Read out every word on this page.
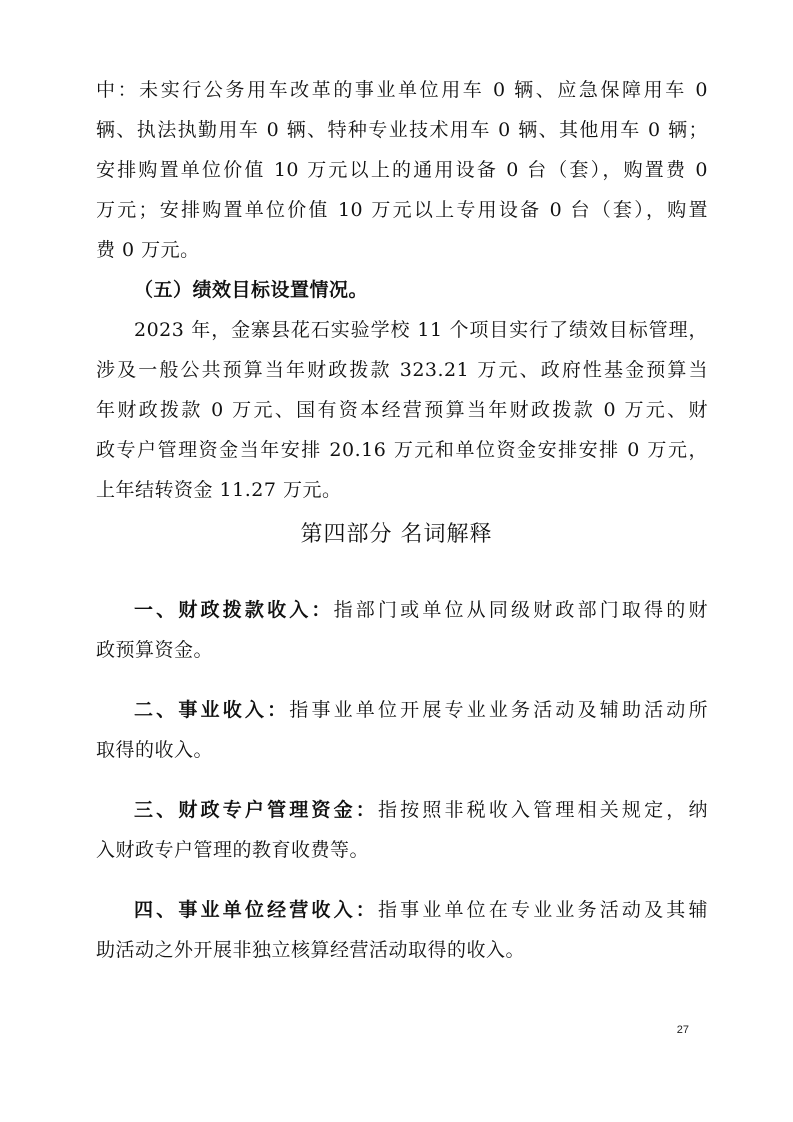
中：未实行公务用车改革的事业单位用车 0 辆、应急保障用车 0
辆、执法执勤用车 0 辆、特种专业技术用车 0 辆、其他用车 0 辆；
安排购置单位价值 10 万元以上的通用设备 0 台（套），购置费 0
万元；安排购置单位价值 10 万元以上专用设备 0 台（套），购置
费 0 万元。
（五）绩效目标设置情况。
2023 年，金寨县花石实验学校 11 个项目实行了绩效目标管理，
涉及一般公共预算当年财政拨款 323.21 万元、政府性基金预算当
年财政拨款 0 万元、国有资本经营预算当年财政拨款 0 万元、财
政专户管理资金当年安排 20.16 万元和单位资金安排安排 0 万元，
上年结转资金 11.27 万元。
第四部分 名词解释
一、财政拨款收入：指部门或单位从同级财政部门取得的财
政预算资金。
二、事业收入：指事业单位开展专业业务活动及辅助活动所
取得的收入。
三、财政专户管理资金：指按照非税收入管理相关规定，纳
入财政专户管理的教育收费等。
四、事业单位经营收入：指事业单位在专业业务活动及其辅
助活动之外开展非独立核算经营活动取得的收入。
27
